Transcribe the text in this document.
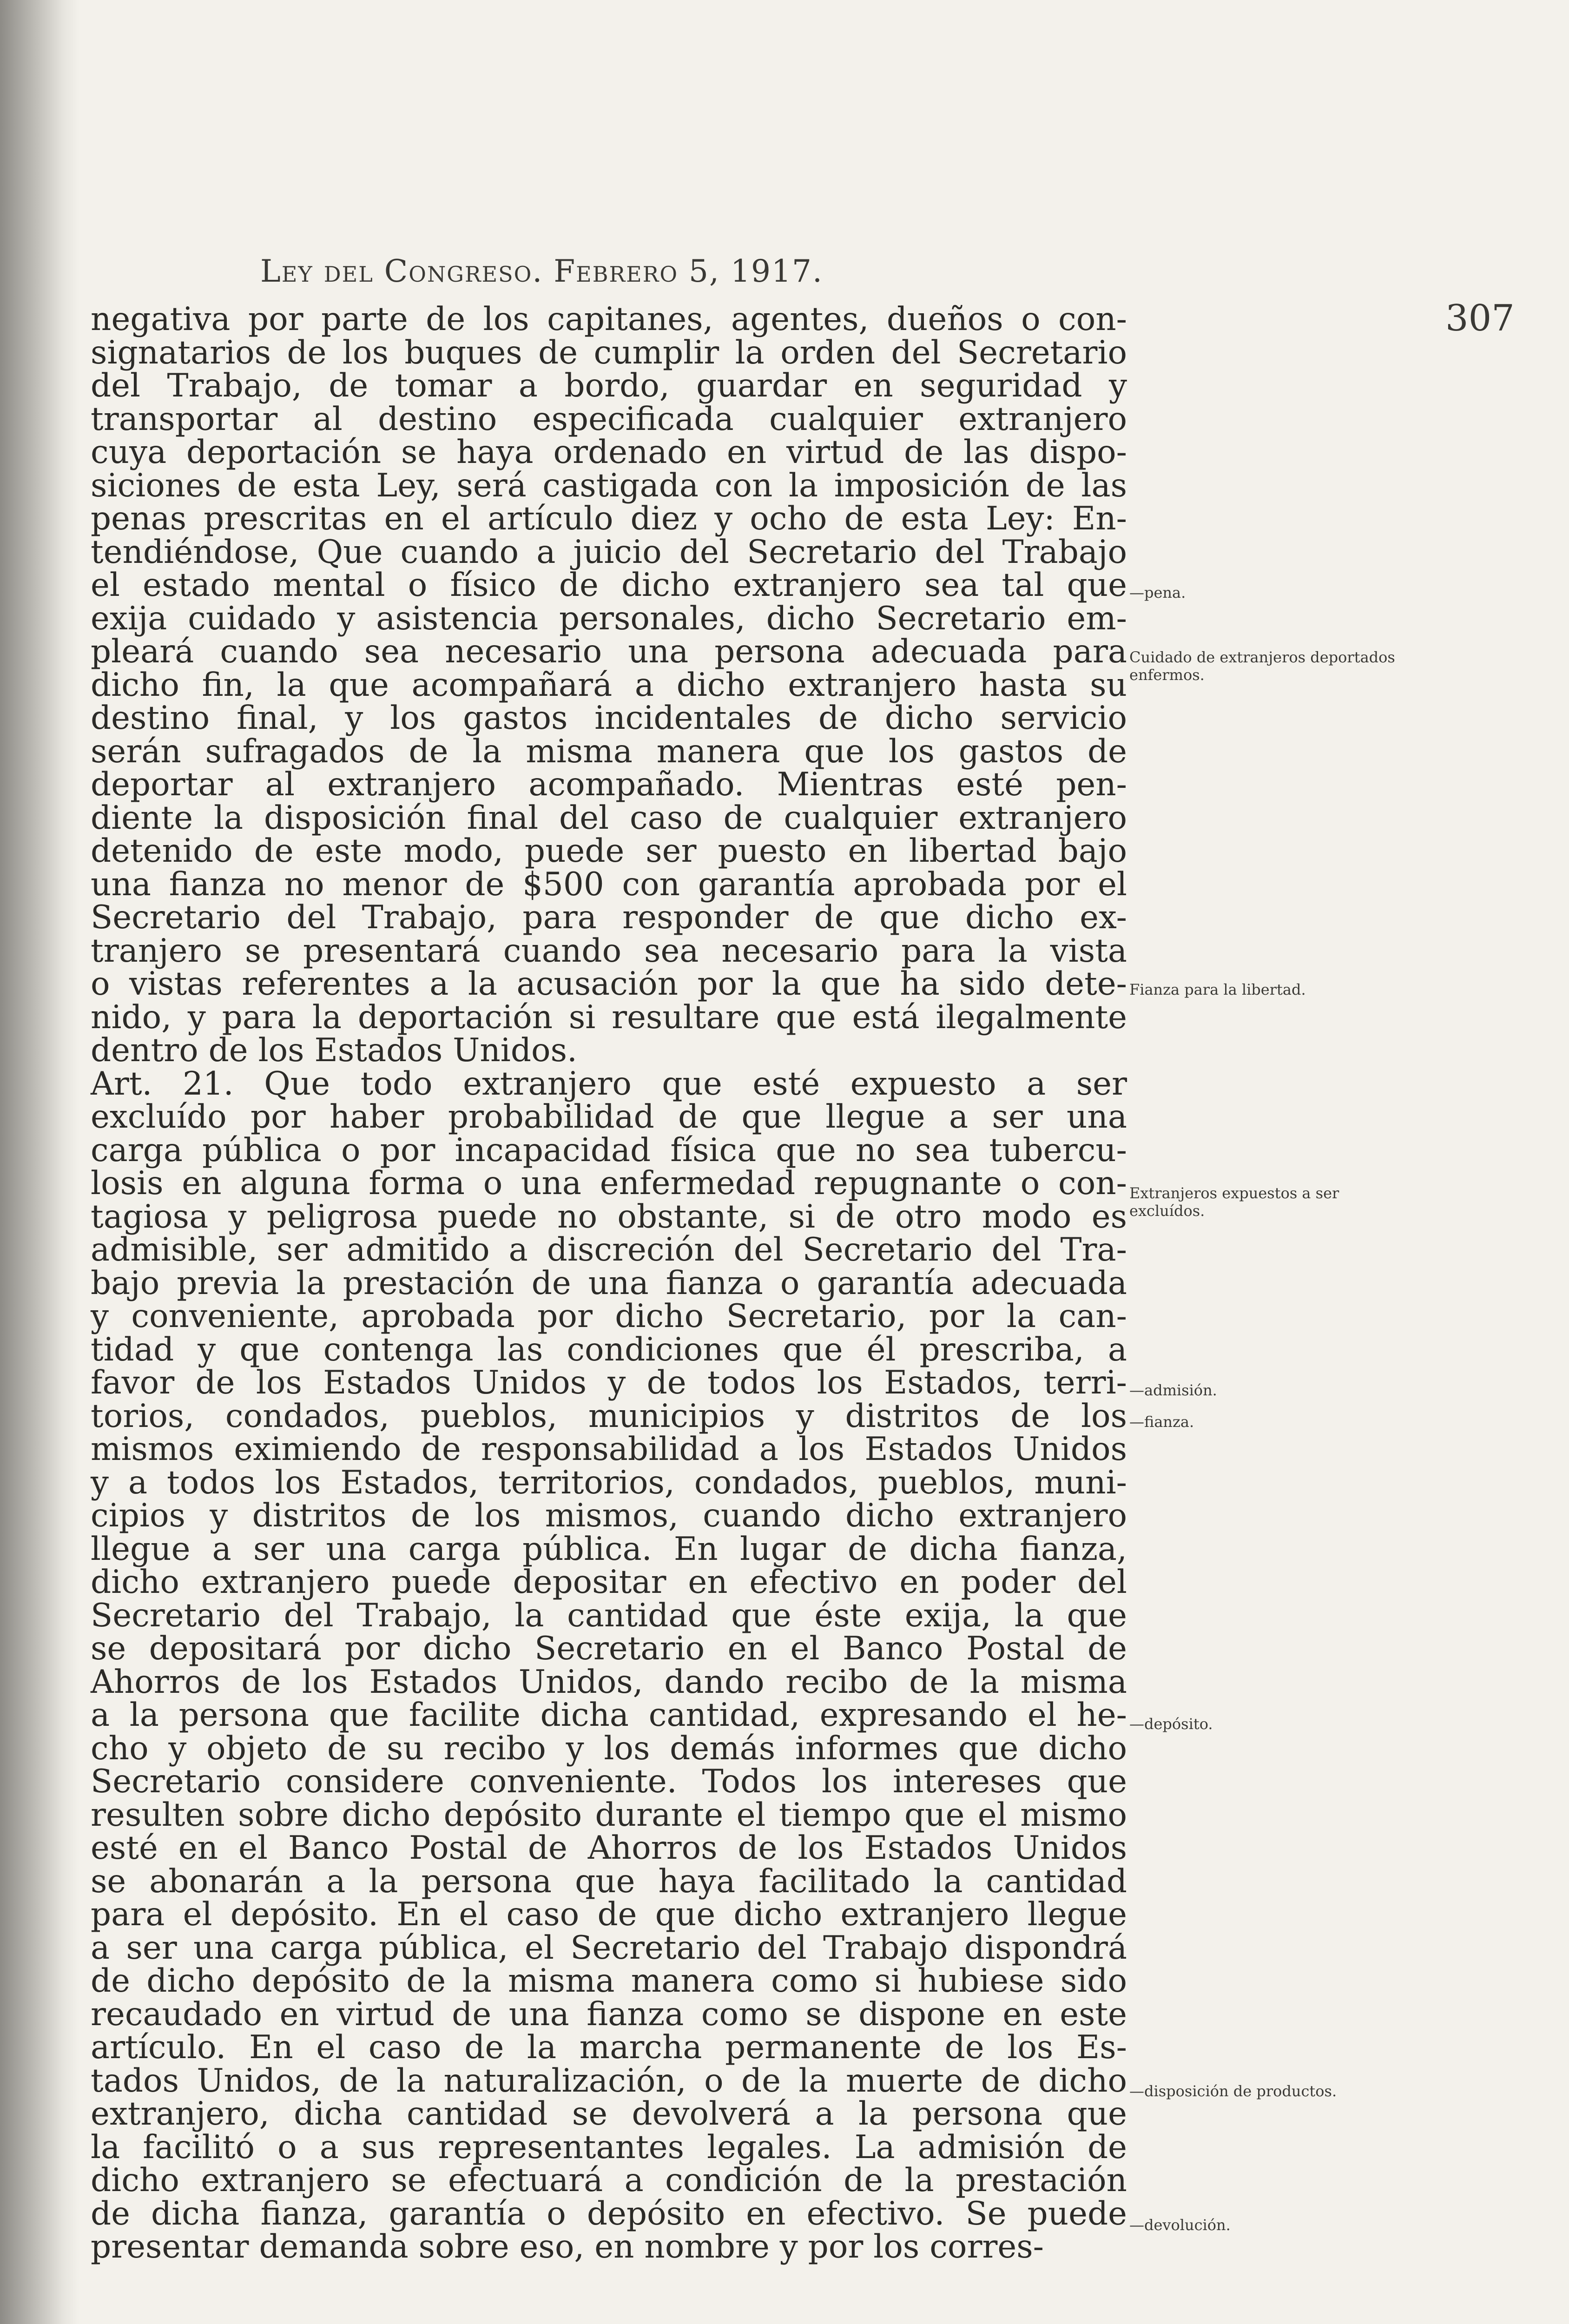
Ley del Congreso. Febrero 5, 1917.
307
negativa por parte de los capitanes, agentes, dueños o con-
signatarios de los buques de cumplir la orden del Secretario
del Trabajo, de tomar a bordo, guardar en seguridad y
transportar al destino especificada cualquier extranjero
cuya deportación se haya ordenado en virtud de las dispo-
siciones de esta Ley, será castigada con la imposición de las
penas prescritas en el artículo diez y ocho de esta Ley: En-
tendiéndose, Que cuando a juicio del Secretario del Trabajo
el estado mental o físico de dicho extranjero sea tal que
exija cuidado y asistencia personales, dicho Secretario em-
pleará cuando sea necesario una persona adecuada para
dicho fin, la que acompañará a dicho extranjero hasta su
destino final, y los gastos incidentales de dicho servicio
serán sufragados de la misma manera que los gastos de
deportar al extranjero acompañado. Mientras esté pen-
diente la disposición final del caso de cualquier extranjero
detenido de este modo, puede ser puesto en libertad bajo
una fianza no menor de $500 con garantía aprobada por el
Secretario del Trabajo, para responder de que dicho ex-
tranjero se presentará cuando sea necesario para la vista
o vistas referentes a la acusación por la que ha sido dete-
nido, y para la deportación si resultare que está ilegalmente
dentro de los Estados Unidos.
Art. 21. Que todo extranjero que esté expuesto a ser
excluído por haber probabilidad de que llegue a ser una
carga pública o por incapacidad física que no sea tubercu-
losis en alguna forma o una enfermedad repugnante o con-
tagiosa y peligrosa puede no obstante, si de otro modo es
admisible, ser admitido a discreción del Secretario del Tra-
bajo previa la prestación de una fianza o garantía adecuada
y conveniente, aprobada por dicho Secretario, por la can-
tidad y que contenga las condiciones que él prescriba, a
favor de los Estados Unidos y de todos los Estados, terri-
torios, condados, pueblos, municipios y distritos de los
mismos eximiendo de responsabilidad a los Estados Unidos
y a todos los Estados, territorios, condados, pueblos, muni-
cipios y distritos de los mismos, cuando dicho extranjero
llegue a ser una carga pública. En lugar de dicha fianza,
dicho extranjero puede depositar en efectivo en poder del
Secretario del Trabajo, la cantidad que éste exija, la que
se depositará por dicho Secretario en el Banco Postal de
Ahorros de los Estados Unidos, dando recibo de la misma
a la persona que facilite dicha cantidad, expresando el he-
cho y objeto de su recibo y los demás informes que dicho
Secretario considere conveniente. Todos los intereses que
resulten sobre dicho depósito durante el tiempo que el mismo
esté en el Banco Postal de Ahorros de los Estados Unidos
se abonarán a la persona que haya facilitado la cantidad
para el depósito. En el caso de que dicho extranjero llegue
a ser una carga pública, el Secretario del Trabajo dispondrá
de dicho depósito de la misma manera como si hubiese sido
recaudado en virtud de una fianza como se dispone en este
artículo. En el caso de la marcha permanente de los Es-
tados Unidos, de la naturalización, o de la muerte de dicho
extranjero, dicha cantidad se devolverá a la persona que
la facilitó o a sus representantes legales. La admisión de
dicho extranjero se efectuará a condición de la prestación
de dicha fianza, garantía o depósito en efectivo. Se puede
presentar demanda sobre eso, en nombre y por los corres-
—pena.
Cuidado de extranjeros deportados enfermos.
Fianza para la libertad.
Extranjeros expuestos a ser excluídos.
—admisión.
—fianza.
—depósito.
—disposición de productos.
—devolución.
